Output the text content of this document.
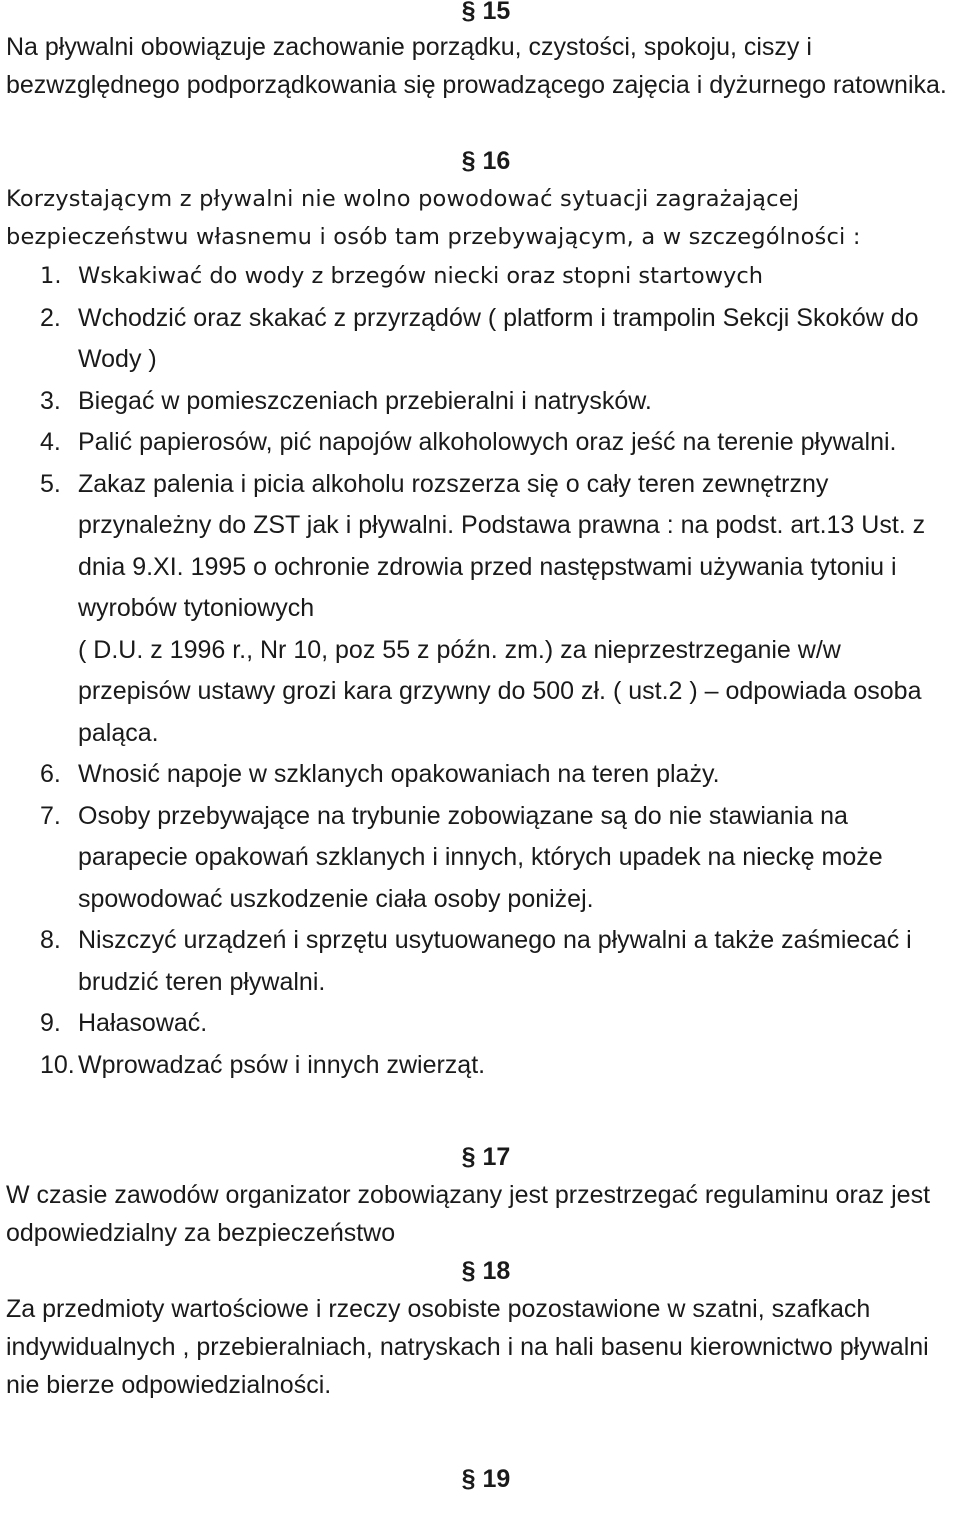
§ 15

Na pływalni obowiązuje zachowanie porządku, czystości, spokoju, ciszy i bezwzględnego podporządkowania się prowadzącego zajęcia i dyżurnego ratownika.

§ 16

Korzystającym z pływalni nie wolno powodować sytuacji zagrażającej bezpieczeństwu własnemu i osób tam przebywającym, a w szczególności :

1. Wskakiwać do wody z brzegów niecki oraz stopni startowych
2. Wchodzić oraz skakać z przyrządów ( platform i trampolin Sekcji Skoków do Wody )
3. Biegać w pomieszczeniach przebieralni i natrysków.
4. Palić papierosów, pić napojów alkoholowych oraz jeść na terenie pływalni.
5. Zakaz palenia i picia alkoholu rozszerza się o cały teren zewnętrzny przynależny do ZST jak i pływalni. Podstawa prawna : na podst. art.13 Ust. z dnia 9.XI. 1995 o ochronie zdrowia przed następstwami używania tytoniu i wyrobów tytoniowych
( D.U. z 1996 r., Nr 10, poz 55 z późn. zm.) za nieprzestrzeganie w/w przepisów ustawy grozi kara grzywny do 500 zł. ( ust.2 ) – odpowiada osoba paląca.
6. Wnosić napoje w szklanych opakowaniach na teren plaży.
7. Osoby przebywające na trybunie zobowiązane są do nie stawiania na parapecie opakowań szklanych i innych, których upadek na nieckę może spowodować uszkodzenie ciała osoby poniżej.
8. Niszczyć urządzeń i sprzętu usytuowanego na pływalni a także zaśmiecać i brudzić teren pływalni.
9. Hałasować.
10. Wprowadzać psów i innych zwierząt.
§ 17

W czasie zawodów organizator zobowiązany jest przestrzegać regulaminu oraz jest odpowiedzialny za bezpieczeństwo

§ 18

Za przedmioty wartościowe i rzeczy osobiste pozostawione w szatni, szafkach indywidualnych , przebieralniach, natryskach i na hali basenu kierownictwo pływalni nie bierze odpowiedzialności.

§ 19
